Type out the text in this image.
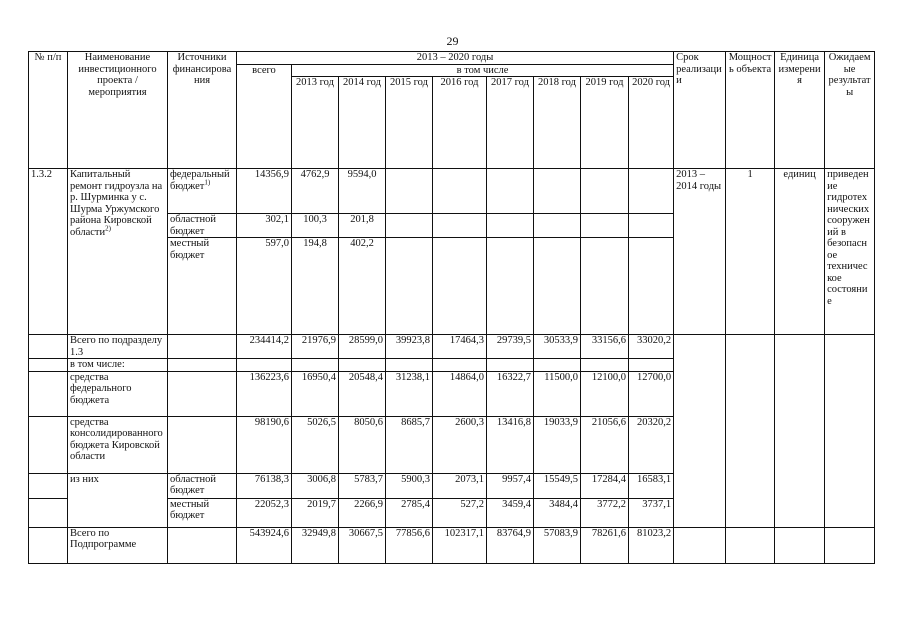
29
№ п/п	Наименование инвестиционного проекта / мероприятия	Источники финансирования	2013 – 2020 годы									Срок реализации	Мощность объекта	Единица измерения	Ожидаемые результаты
			всего	в том числе											
				2013 год	2014 год	2015 год	2016 год	2017 год	2018 год	2019 год	2020 год				
1.3.2	Капитальный ремонт гидроузла на р. Шурминка у с. Шурма Уржумского района Кировской области$^{2)}$	федеральный бюджет$^{1)}$	14356,9	4762,9	9594,0							2013 – 2014 годы	1	единиц	приведение гидротехнических сооружений в безопасное техническое состояние
		областной бюджет	302,1	100,3	201,8										
		местный бюджет	597,0	194,8	402,2										
	Всего по подразделу 1.3		234414,2	21976,9	28599,0	39923,8	17464,3	29739,5	30533,9	33156,6	33020,2				
	в том числе:														
	средства федерального бюджета		136223,6	16950,4	20548,4	31238,1	14864,0	16322,7	11500,0	12100,0	12700,0				
	средства консолидированного бюджета Кировской области		98190,6	5026,5	8050,6	8685,7	2600,3	13416,8	19033,9	21056,6	20320,2				
	из них	областной бюджет	76138,3	3006,8	5783,7	5900,3	2073,1	9957,4	15549,5	17284,4	16583,1				
		местный бюджет	22052,3	2019,7	2266,9	2785,4	527,2	3459,4	3484,4	3772,2	3737,1				
	Всего по Подпрограмме		543924,6	32949,8	30667,5	77856,6	102317,1	83764,9	57083,9	78261,6	81023,2				
